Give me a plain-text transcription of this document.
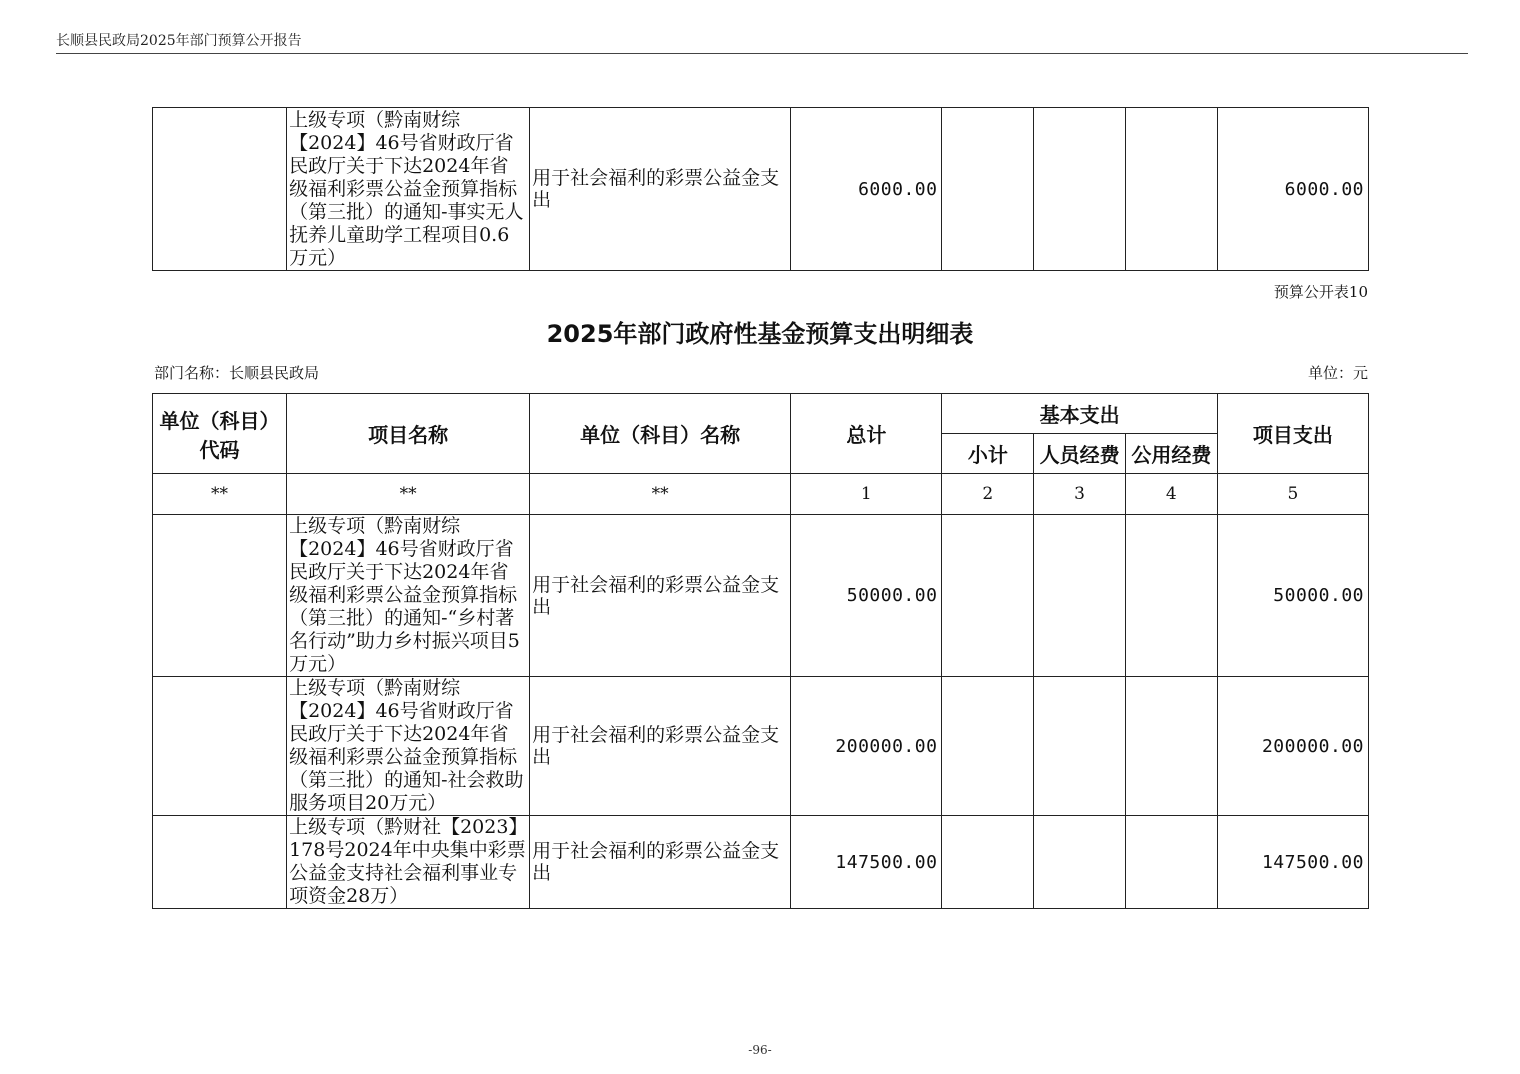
长顺县民政局2025年部门预算公开报告
	上级专项（黔南财综【2024】46号省财政厅省民政厅关于下达2024年省级福利彩票公益金预算指标（第三批）的通知-事实无人抚养儿童助学工程项目0.6万元）	用于社会福利的彩票公益金支出	6000.00				6000.00
预算公开表10
2025年部门政府性基金预算支出明细表
部门名称：长顺县民政局	单位：元
单位（科目）代码	项目名称	单位（科目）名称	总计	基本支出			项目支出
				小计	人员经费	公用经费	
**	**	**	1	2	3	4	5
	上级专项（黔南财综【2024】46号省财政厅省民政厅关于下达2024年省级福利彩票公益金预算指标（第三批）的通知-“乡村著名行动”助力乡村振兴项目5万元）	用于社会福利的彩票公益金支出	50000.00				50000.00
	上级专项（黔南财综【2024】46号省财政厅省民政厅关于下达2024年省级福利彩票公益金预算指标（第三批）的通知-社会救助服务项目20万元）	用于社会福利的彩票公益金支出	200000.00				200000.00
	上级专项（黔财社【2023】178号2024年中央集中彩票公益金支持社会福利事业专项资金28万）	用于社会福利的彩票公益金支出	147500.00				147500.00
-96-
